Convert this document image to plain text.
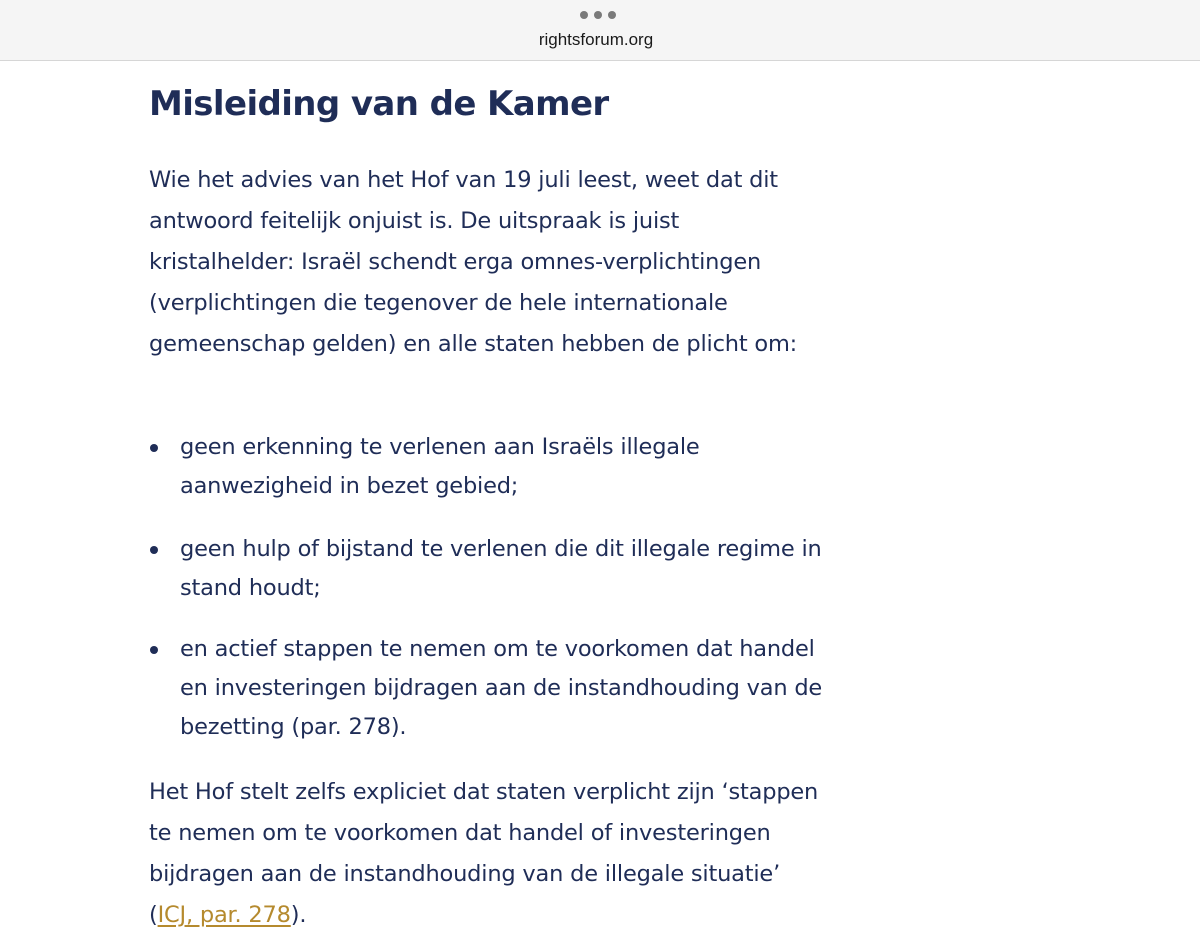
rightsforum.org
Misleiding van de Kamer

Wie het advies van het Hof van 19 juli leest, weet dat dit
antwoord feitelijk onjuist is. De uitspraak is juist
kristalhelder: Israël schendt erga omnes-verplichtingen
(verplichtingen die tegenover de hele internationale
gemeenschap gelden) en alle staten hebben de plicht om:

geen erkenning te verlenen aan Israëls illegale
aanwezigheid in bezet gebied;
geen hulp of bijstand te verlenen die dit illegale regime in
stand houdt;
en actief stappen te nemen om te voorkomen dat handel
en investeringen bijdragen aan de instandhouding van de
bezetting (par. 278).

Het Hof stelt zelfs expliciet dat staten verplicht zijn ‘stappen
te nemen om te voorkomen dat handel of investeringen
bijdragen aan de instandhouding van de illegale situatie’
(ICJ, par. 278).
